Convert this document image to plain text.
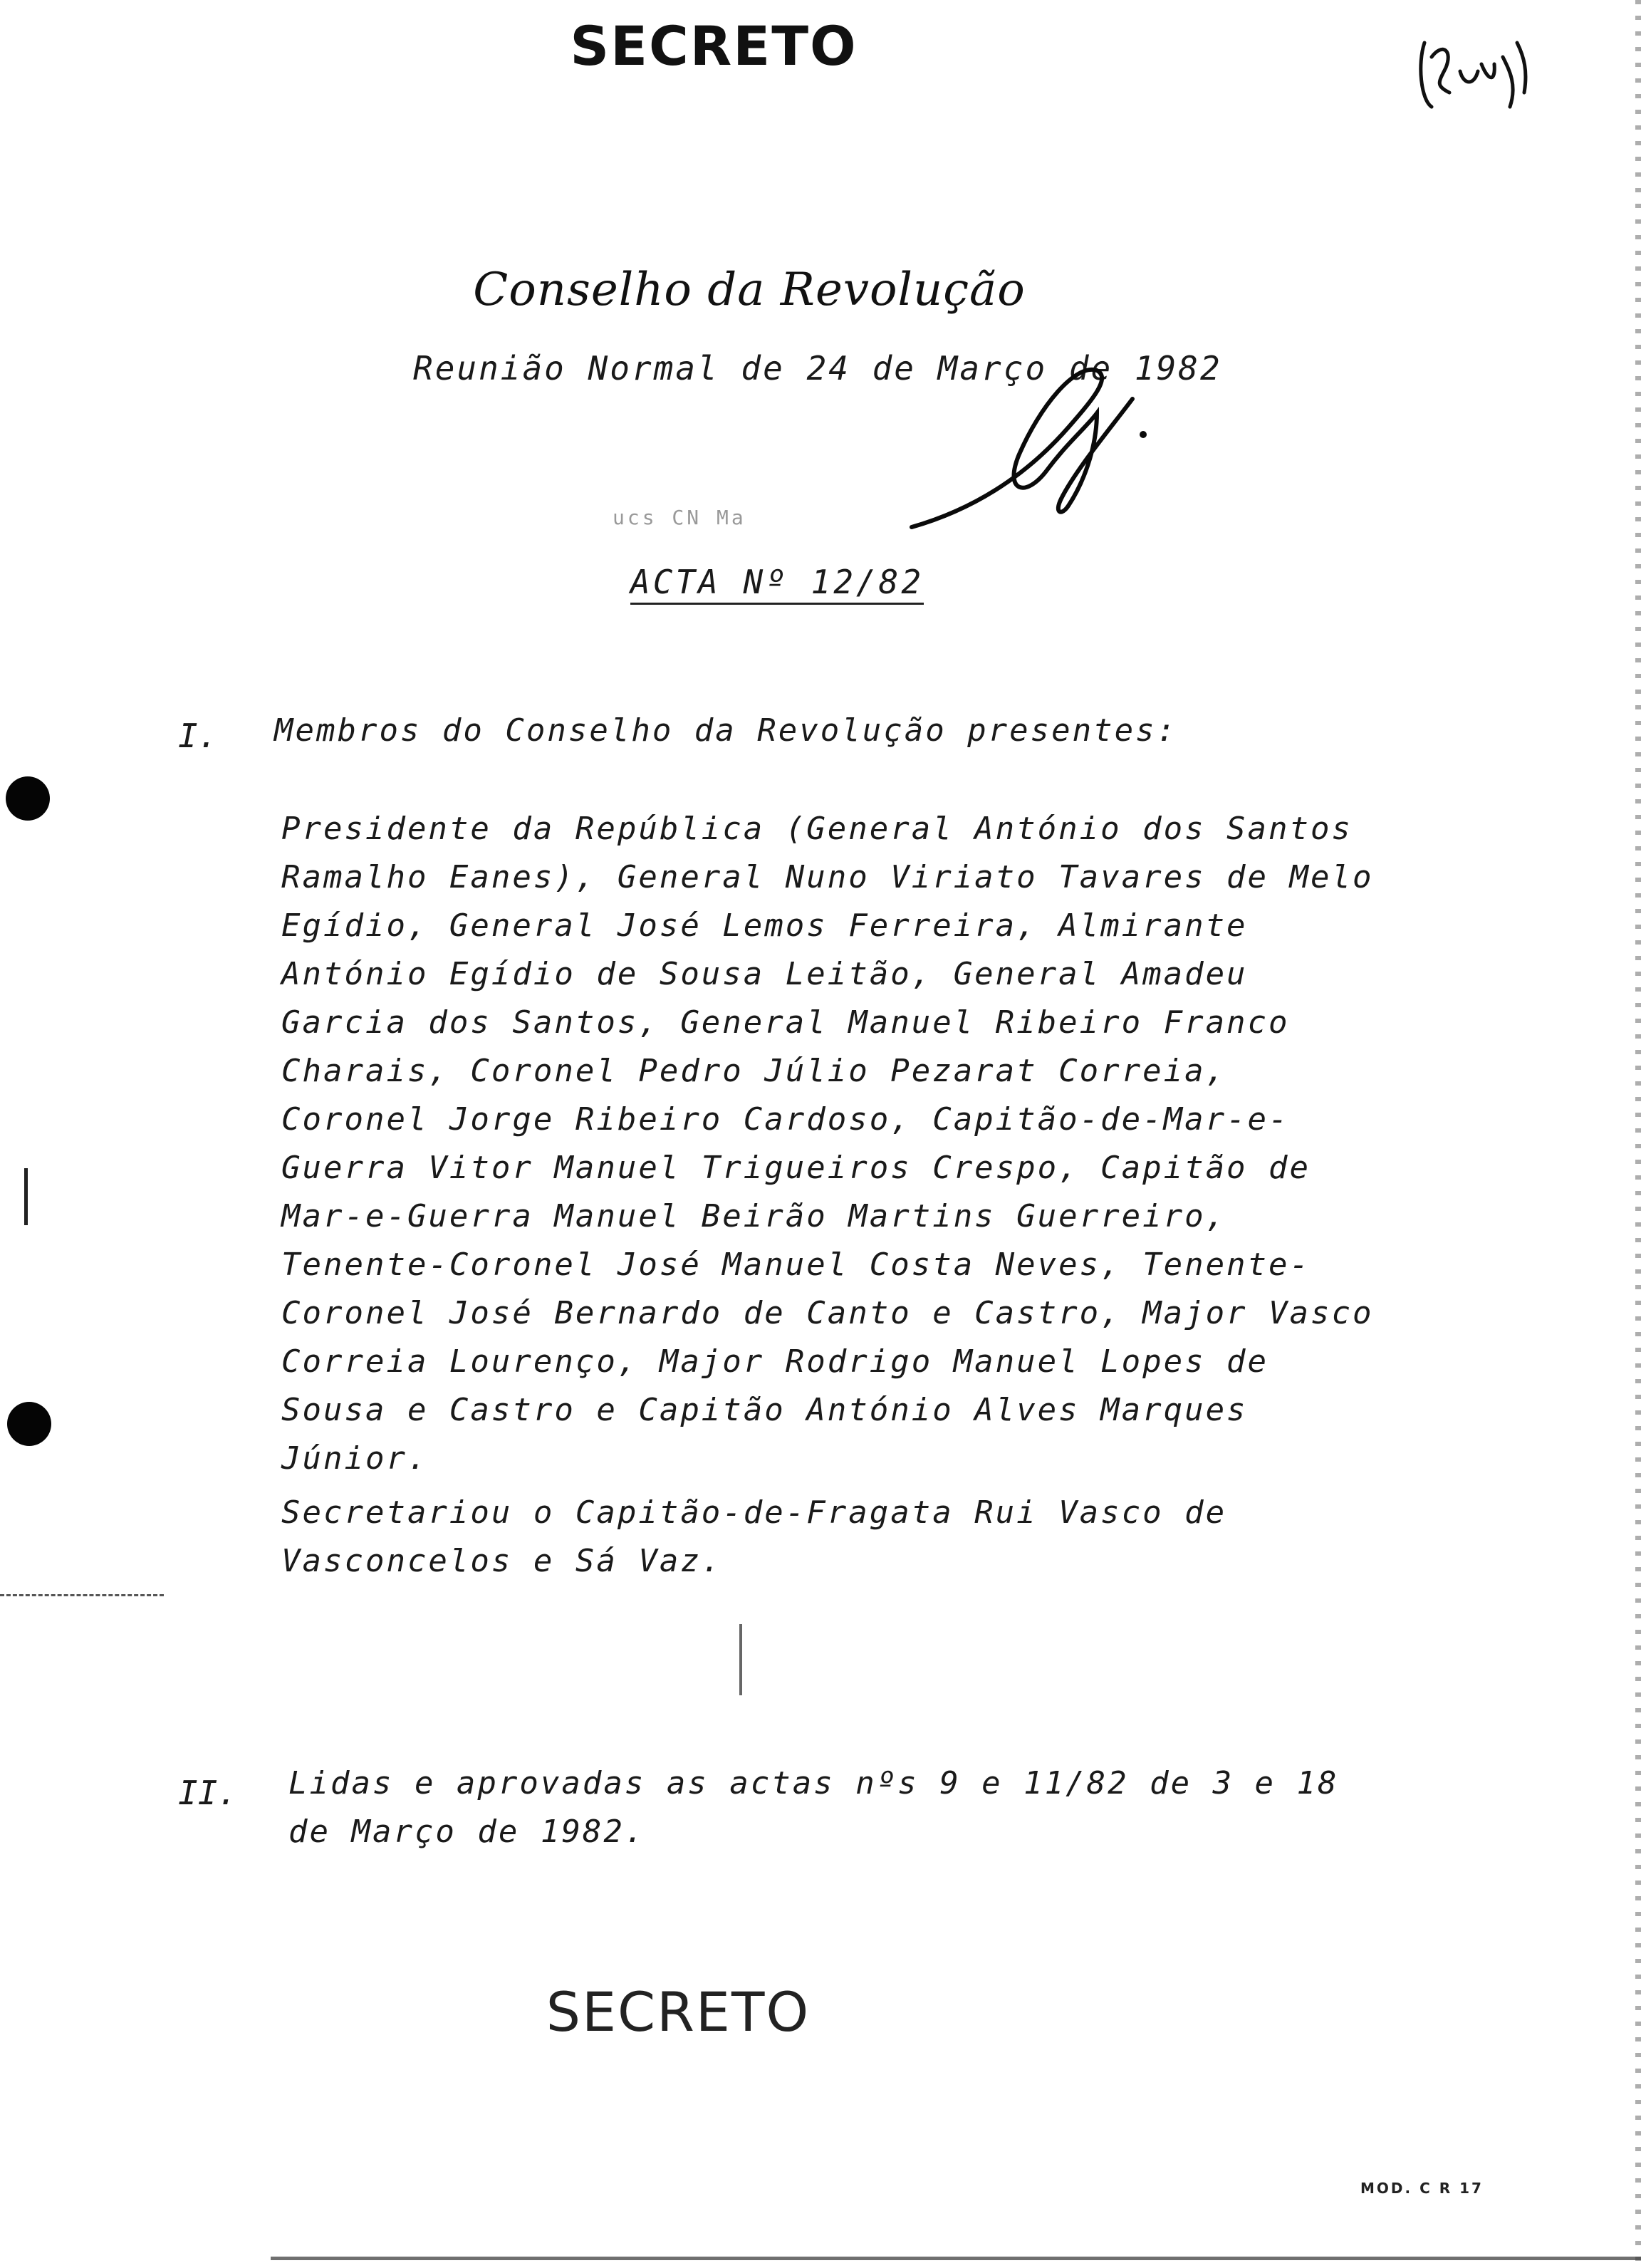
SECRETO
Conselho da Revolução
Reunião Normal de 24 de Março de 1982
ucs CN Ma
ACTA Nº 12/82
I. Membros do Conselho da Revolução presentes:

Presidente da República (General António dos Santos Ramalho Eanes), General Nuno Viriato Tavares de Melo Egídio, General José Lemos Ferreira, Almirante António Egídio de Sousa Leitão, General Amadeu Garcia dos Santos, General Manuel Ribeiro Franco Charais, Coronel Pedro Júlio Pezarat Correia, Coronel Jorge Ribeiro Cardoso, Capitão-de-Mar-e-Guerra Vitor Manuel Trigueiros Crespo, Capitão de Mar-e-Guerra Manuel Beirão Martins Guerreiro, Tenente-Coronel José Manuel Costa Neves, Tenente-Coronel José Bernardo de Canto e Castro, Major Vasco Correia Lourenço, Major Rodrigo Manuel Lopes de Sousa e Castro e Capitão António Alves Marques Júnior.

Secretariou o Capitão-de-Fragata Rui Vasco de Vasconcelos e Sá Vaz.

II. Lidas e aprovadas as actas nºs 9 e 11/82 de 3 e 18 de Março de 1982.

SECRETO
MOD. C R 17
